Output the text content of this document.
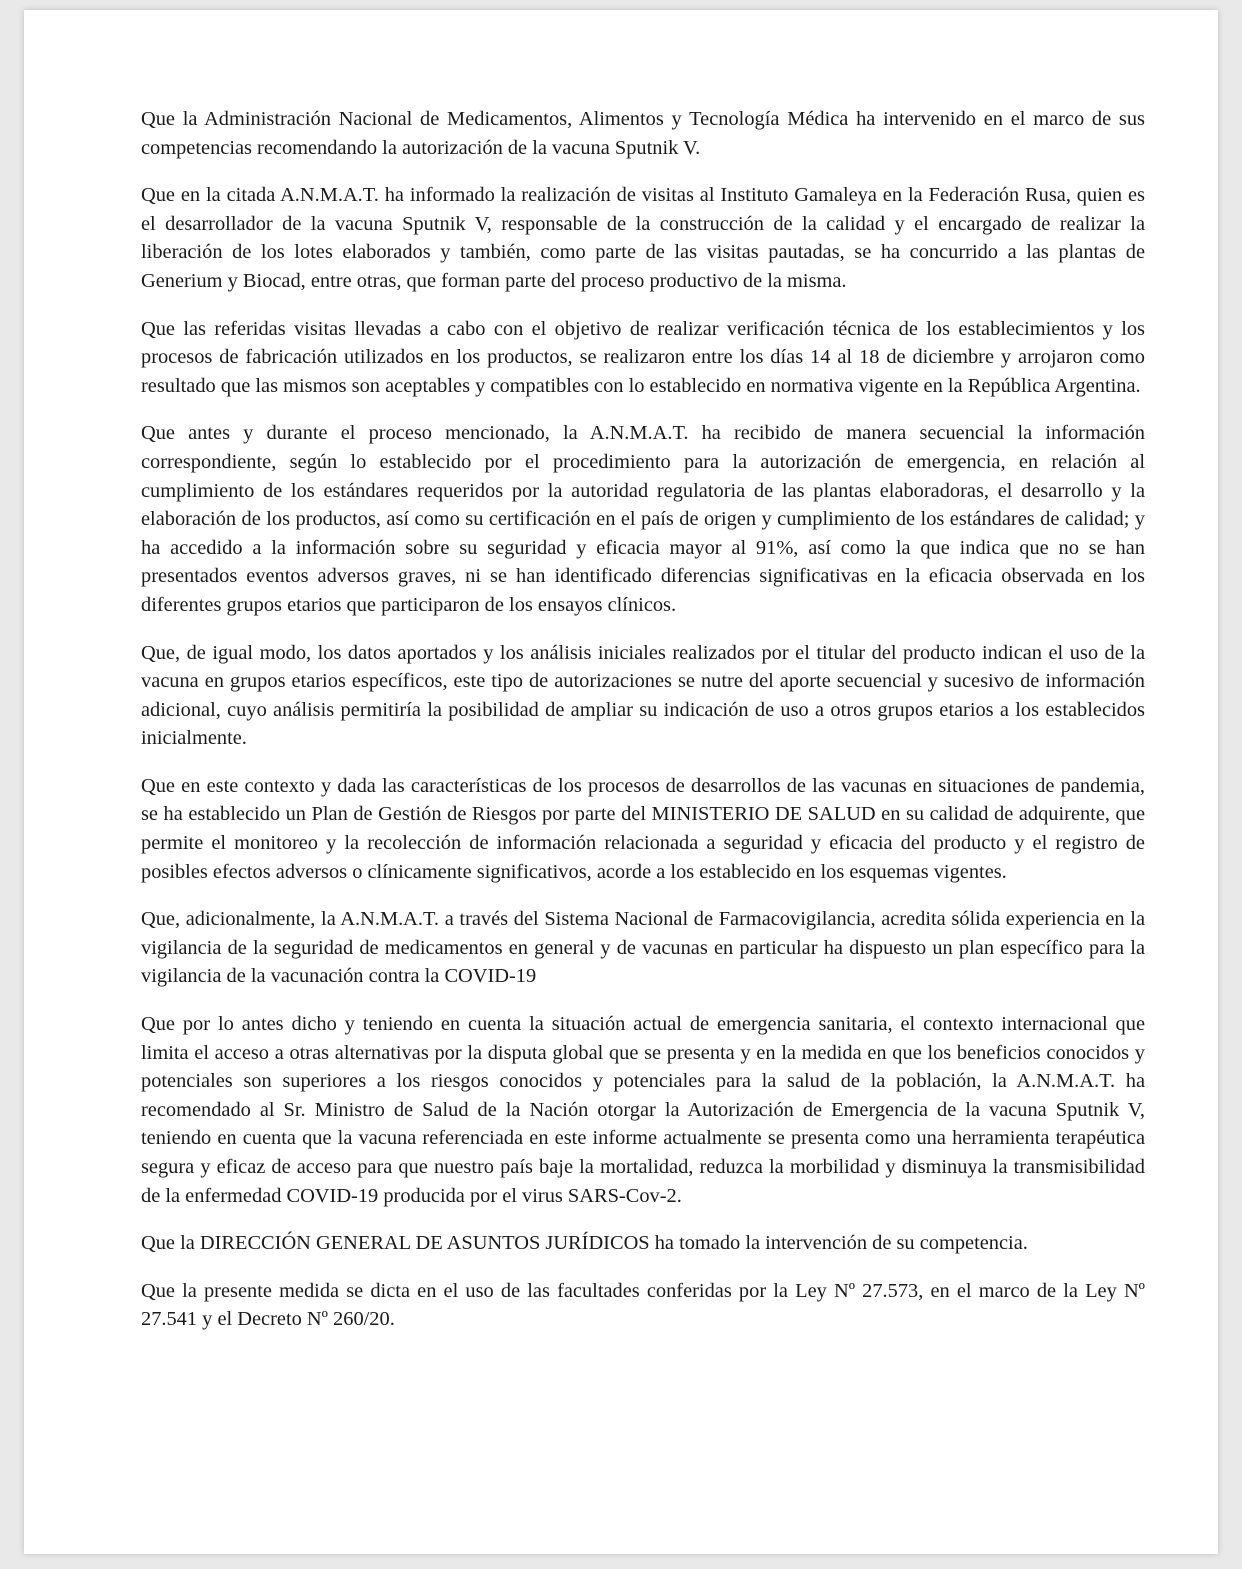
Que la Administración Nacional de Medicamentos, Alimentos y Tecnología Médica ha intervenido en el marco de sus competencias recomendando la autorización de la vacuna Sputnik V.

Que en la citada A.N.M.A.T. ha informado la realización de visitas al Instituto Gamaleya en la Federación Rusa, quien es el desarrollador de la vacuna Sputnik V, responsable de la construcción de la calidad y el encargado de realizar la liberación de los lotes elaborados y también, como parte de las visitas pautadas, se ha concurrido a las plantas de Generium y Biocad, entre otras, que forman parte del proceso productivo de la misma.

Que las referidas visitas llevadas a cabo con el objetivo de realizar verificación técnica de los establecimientos y los procesos de fabricación utilizados en los productos, se realizaron entre los días 14 al 18 de diciembre y arrojaron como resultado que las mismos son aceptables y compatibles con lo establecido en normativa vigente en la República Argentina.

Que antes y durante el proceso mencionado, la A.N.M.A.T. ha recibido de manera secuencial la información correspondiente, según lo establecido por el procedimiento para la autorización de emergencia, en relación al cumplimiento de los estándares requeridos por la autoridad regulatoria de las plantas elaboradoras, el desarrollo y la elaboración de los productos, así como su certificación en el país de origen y cumplimiento de los estándares de calidad; y ha accedido a la información sobre su seguridad y eficacia mayor al 91%, así como la que indica que no se han presentados eventos adversos graves, ni se han identificado diferencias significativas en la eficacia observada en los diferentes grupos etarios que participaron de los ensayos clínicos.

Que, de igual modo, los datos aportados y los análisis iniciales realizados por el titular del producto indican el uso de la vacuna en grupos etarios específicos, este tipo de autorizaciones se nutre del aporte secuencial y sucesivo de información adicional, cuyo análisis permitiría la posibilidad de ampliar su indicación de uso a otros grupos etarios a los establecidos inicialmente.

Que en este contexto y dada las características de los procesos de desarrollos de las vacunas en situaciones de pandemia, se ha establecido un Plan de Gestión de Riesgos por parte del MINISTERIO DE SALUD en su calidad de adquirente, que permite el monitoreo y la recolección de información relacionada a seguridad y eficacia del producto y el registro de posibles efectos adversos o clínicamente significativos, acorde a los establecido en los esquemas vigentes.

Que, adicionalmente, la A.N.M.A.T. a través del Sistema Nacional de Farmacovigilancia, acredita sólida experiencia en la vigilancia de la seguridad de medicamentos en general y de vacunas en particular ha dispuesto un plan específico para la vigilancia de la vacunación contra la COVID-19

Que por lo antes dicho y teniendo en cuenta la situación actual de emergencia sanitaria, el contexto internacional que limita el acceso a otras alternativas por la disputa global que se presenta y en la medida en que los beneficios conocidos y potenciales son superiores a los riesgos conocidos y potenciales para la salud de la población, la A.N.M.A.T. ha recomendado al Sr. Ministro de Salud de la Nación otorgar la Autorización de Emergencia de la vacuna Sputnik V, teniendo en cuenta que la vacuna referenciada en este informe actualmente se presenta como una herramienta terapéutica segura y eficaz de acceso para que nuestro país baje la mortalidad, reduzca la morbilidad y disminuya la transmisibilidad de la enfermedad COVID-19 producida por el virus SARS-Cov-2.

Que la DIRECCIÓN GENERAL DE ASUNTOS JURÍDICOS ha tomado la intervención de su competencia.

Que la presente medida se dicta en el uso de las facultades conferidas por la Ley Nº 27.573, en el marco de la Ley Nº 27.541 y el Decreto Nº 260/20.
